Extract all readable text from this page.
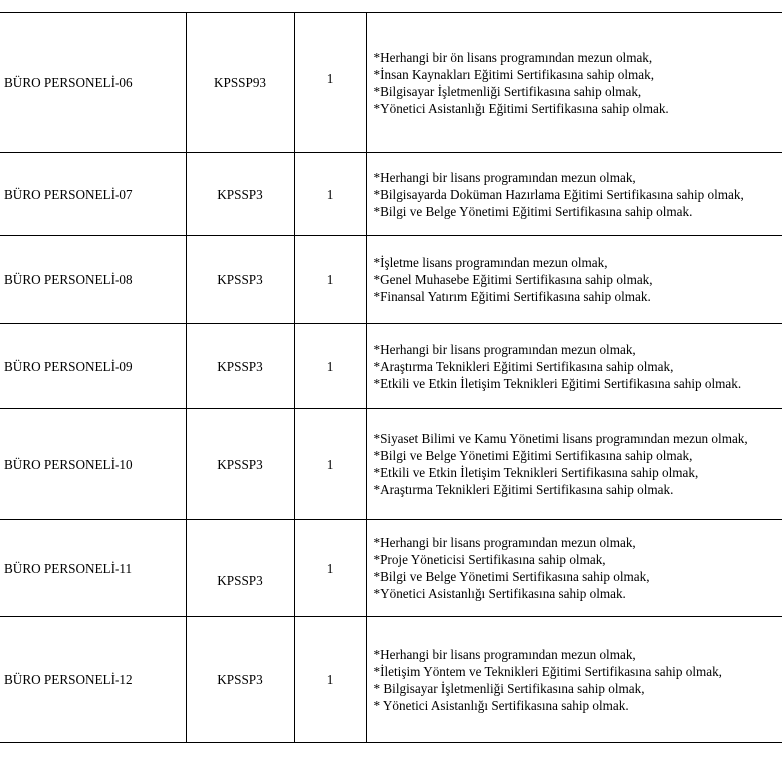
BÜRO PERSONELİ-06	KPSSP93	1	*Herhangi bir ön lisans programından mezun olmak,
*İnsan Kaynakları Eğitimi Sertifikasına sahip olmak,
*Bilgisayar İşletmenliği Sertifikasına sahip olmak,
*Yönetici Asistanlığı Eğitimi Sertifikasına sahip olmak.

BÜRO PERSONELİ-07	KPSSP3	1	*Herhangi bir lisans programından mezun olmak,
*Bilgisayarda Doküman Hazırlama Eğitimi Sertifikasına sahip olmak,
*Bilgi ve Belge Yönetimi Eğitimi Sertifikasına sahip olmak.

BÜRO PERSONELİ-08	KPSSP3	1	*İşletme lisans programından mezun olmak,
*Genel Muhasebe Eğitimi Sertifikasına sahip olmak,
*Finansal Yatırım Eğitimi Sertifikasına sahip olmak.

BÜRO PERSONELİ-09	KPSSP3	1	*Herhangi bir lisans programından mezun olmak,
*Araştırma Teknikleri Eğitimi Sertifikasına sahip olmak,
*Etkili ve Etkin İletişim Teknikleri Eğitimi Sertifikasına sahip olmak.

BÜRO PERSONELİ-10	KPSSP3	1	*Siyaset Bilimi ve Kamu Yönetimi lisans programından mezun olmak,
*Bilgi ve Belge Yönetimi Eğitimi Sertifikasına sahip olmak,
*Etkili ve Etkin İletişim Teknikleri Sertifikasına sahip olmak,
*Araştırma Teknikleri Eğitimi Sertifikasına sahip olmak.

BÜRO PERSONELİ-11	KPSSP3	1	*Herhangi bir lisans programından mezun olmak,
*Proje Yöneticisi Sertifikasına sahip olmak,
*Bilgi ve Belge Yönetimi Sertifikasına sahip olmak,
*Yönetici Asistanlığı Sertifikasına sahip olmak.

BÜRO PERSONELİ-12	KPSSP3	1	*Herhangi bir lisans programından mezun olmak,
*İletişim Yöntem ve Teknikleri Eğitimi Sertifikasına sahip olmak,
* Bilgisayar İşletmenliği Sertifikasına sahip olmak,
* Yönetici Asistanlığı Sertifikasına sahip olmak.
